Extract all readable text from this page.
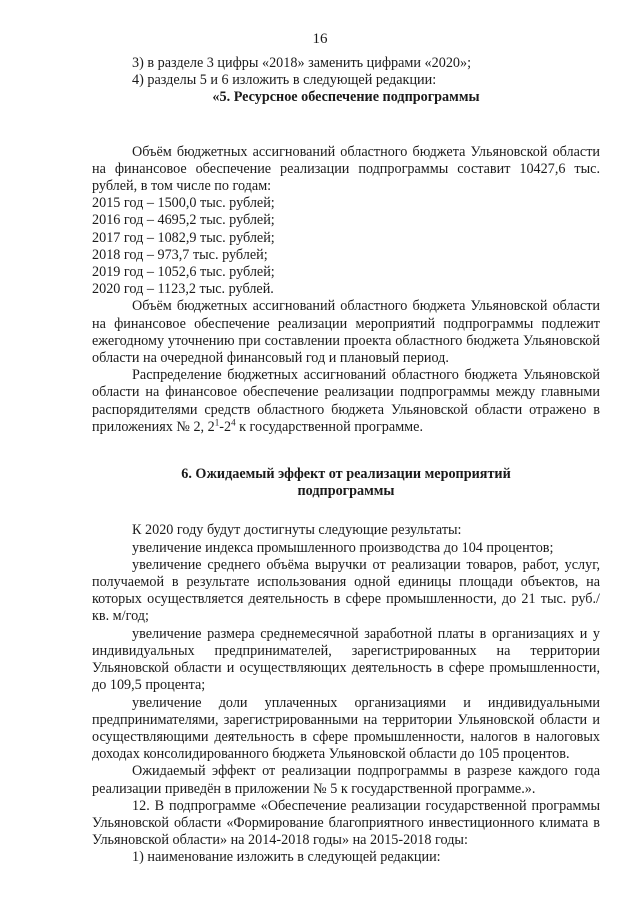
16

3) в разделе 3 цифры «2018» заменить цифрами «2020»;

4) разделы 5 и 6 изложить в следующей редакции:

«5. Ресурсное обеспечение подпрограммы

Объём бюджетных ассигнований областного бюджета Ульяновской области на финансовое обеспечение реализации подпрограммы составит 10427,6 тыс. рублей, в том числе по годам:

2015 год – 1500,0 тыс. рублей;

2016 год – 4695,2 тыс. рублей;

2017 год – 1082,9 тыс. рублей;

2018 год – 973,7 тыс. рублей;

2019 год – 1052,6 тыс. рублей;

2020 год – 1123,2 тыс. рублей.

Объём бюджетных ассигнований областного бюджета Ульяновской области на финансовое обеспечение реализации мероприятий подпрограммы подлежит ежегодному уточнению при составлении проекта областного бюджета Ульяновской области на очередной финансовый год и плановый период.

Распределение бюджетных ассигнований областного бюджета Ульяновской области на финансовое обеспечение реализации подпрограммы между главными распорядителями средств областного бюджета Ульяновской области отражено в приложениях № 2, $2^1-2^4$ к государственной программе.

6. Ожидаемый эффект от реализации мероприятий

подпрограммы

К 2020 году будут достигнуты следующие результаты:

увеличение индекса промышленного производства до 104 процентов;

увеличение среднего объёма выручки от реализации товаров, работ, услуг, получаемой в результате использования одной единицы площади объектов, на которых осуществляется деятельность в сфере промышленности, до 21 тыс. руб./кв. м/год;

увеличение размера среднемесячной заработной платы в организациях и у индивидуальных предпринимателей, зарегистрированных на территории Ульяновской области и осуществляющих деятельность в сфере промышленности, до 109,5 процента;

увеличение доли уплаченных организациями и индивидуальными предпринимателями, зарегистрированными на территории Ульяновской области и осуществляющими деятельность в сфере промышленности, налогов в налоговых доходах консолидированного бюджета Ульяновской области до 105 процентов.

Ожидаемый эффект от реализации подпрограммы в разрезе каждого года реализации приведён в приложении № 5 к государственной программе.».

12. В подпрограмме «Обеспечение реализации государственной программы Ульяновской области «Формирование благоприятного инвестиционного климата в Ульяновской области» на 2014-2018 годы» на 2015-2018 годы:

1) наименование изложить в следующей редакции:
